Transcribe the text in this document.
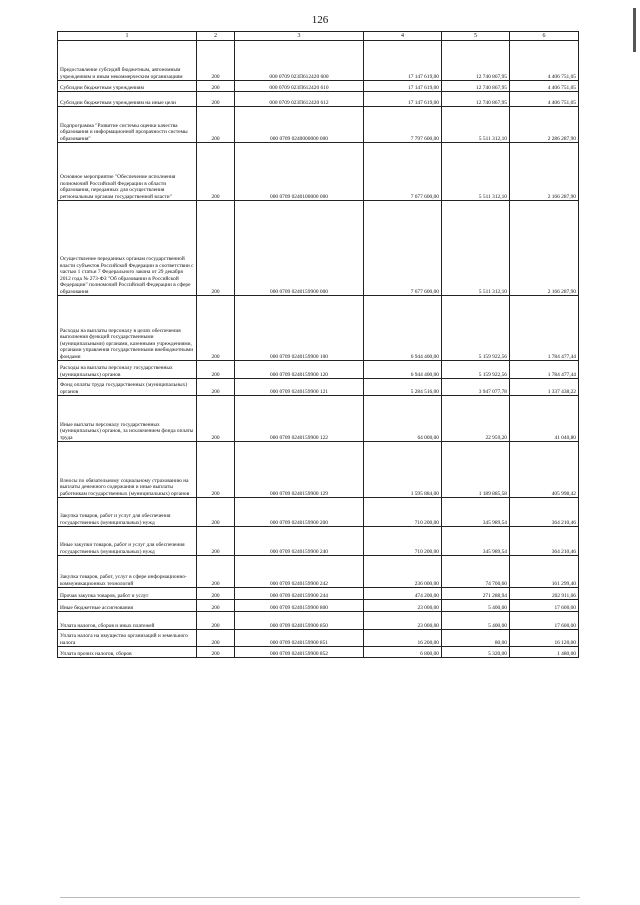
126
1	2	3	4	5	6
Предоставление субсидий бюджетным, автономным учреждениям и иным некоммерческим организациям	200	000 0709 023П612420 600	17 147 619,00	12 740 867,95	4 406 751,05
Субсидии бюджетным учреждениям	200	000 0709 023П612420 610	17 147 619,00	12 740 867,95	4 406 751,05
Субсидии бюджетным учреждениям на иные цели	200	000 0709 023П612420 612	17 147 619,00	12 740 867,95	4 406 751,05
Подпрограмма "Развитие системы оценки качества образования и информационной прозрачности системы образования"	200	000 0709 0240000000 000	7 797 600,00	5 511 312,10	2 286 287,90
Основное мероприятие "Обеспечение исполнения полномочий Российской Федерации в области образования, переданных для осуществления региональным органам государственной власти"	200	000 0709 0240100000 000	7 677 600,00	5 511 312,10	2 166 287,90
Осуществление переданных органам государственной власти субъектов Российской Федерации в соответствии с частью 1 статьи 7 Федерального закона от 29 декабря 2012 года № 273-ФЗ "Об образовании в Российской Федерации" полномочий Российской Федерации в сфере образования	200	000 0709 0240159900 000	7 677 600,00	5 511 312,10	2 166 287,90
Расходы на выплаты персоналу в целях обеспечения выполнения функций государственными (муниципальными) органами, казенными учреждениями, органами управления государственными внебюджетными фондами	200	000 0709 0240159900 100	6 944 400,00	5 159 922,56	1 784 477,44
Расходы на выплаты персоналу государственных (муниципальных) органов	200	000 0709 0240159900 120	6 944 400,00	5 159 922,56	1 784 477,44
Фонд оплаты труда государственных (муниципальных) органов	200	000 0709 0240159900 121	5 284 516,00	3 947 077,78	1 337 438,22
Иные выплаты персоналу государственных (муниципальных) органов, за исключением фонда оплаты труда	200	000 0709 0240159900 122	64 000,00	22 959,20	41 040,80
Взносы по обязательному социальному страхованию на выплаты денежного содержания и иные выплаты работникам государственных (муниципальных) органов	200	000 0709 0240159900 129	1 595 884,00	1 189 885,58	405 998,42
Закупка товаров, работ и услуг для обеспечения государственных (муниципальных) нужд	200	000 0709 0240159900 200	710 200,00	345 989,54	364 210,46
Иные закупки товаров, работ и услуг для обеспечения государственных (муниципальных) нужд	200	000 0709 0240159900 240	710 200,00	345 989,54	364 210,46
Закупка товаров, работ, услуг в сфере информационно-коммуникационных технологий	200	000 0709 0240159900 242	236 000,00	74 700,60	161 299,40
Прочая закупка товаров, работ и услуг	200	000 0709 0240159900 244	474 200,00	271 288,94	202 911,06
Иные бюджетные ассигнования	200	000 0709 0240159900 800	23 000,00	5 400,00	17 600,00
Уплата налогов, сборов и иных платежей	200	000 0709 0240159900 850	23 000,00	5 400,00	17 600,00
Уплата налога на имущество организаций и земельного налога	200	000 0709 0240159900 851	16 200,00	80,00	16 120,00
Уплата прочих налогов, сборов	200	000 0709 0240159900 852	6 800,00	5 320,00	1 480,00
